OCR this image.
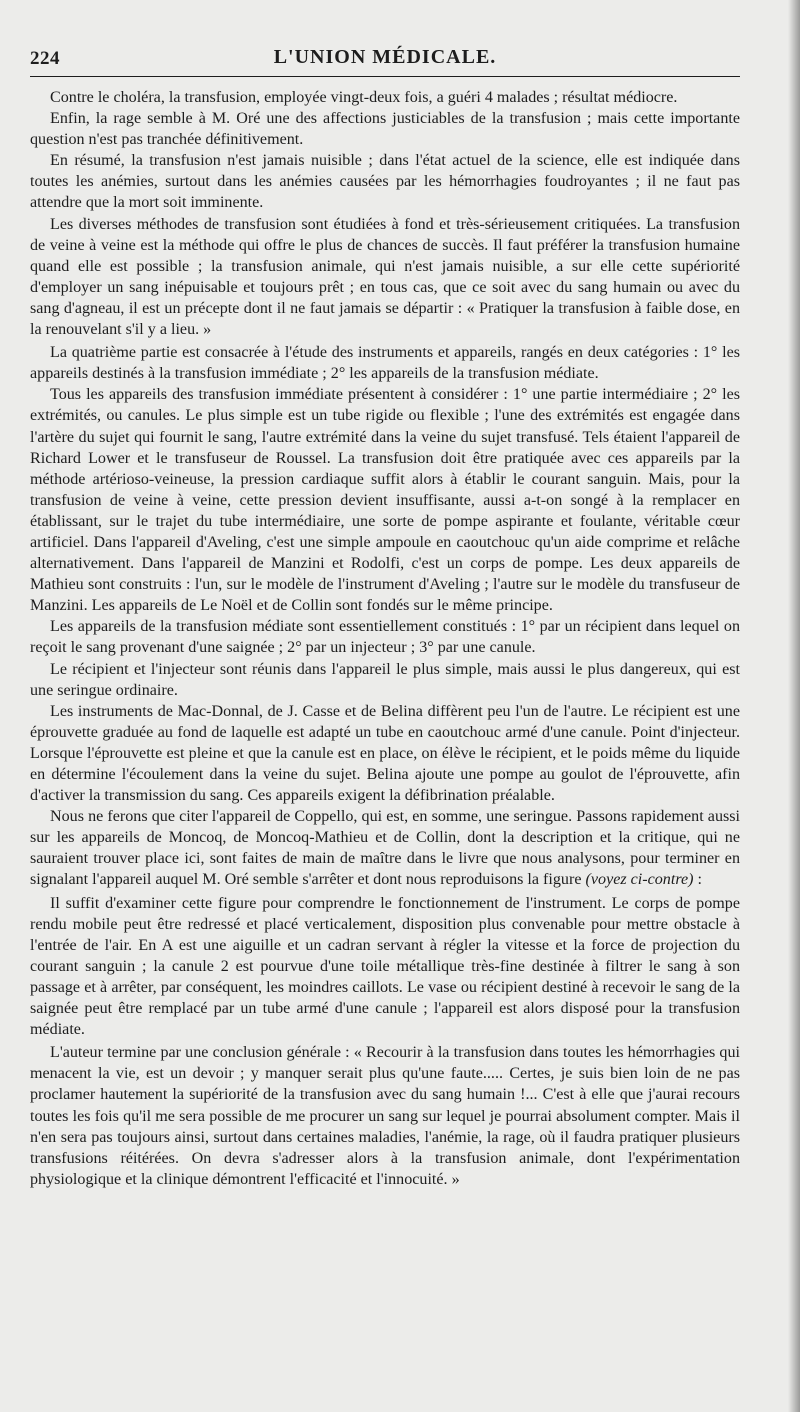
224	L'UNION MÉDICALE.

Contre le choléra, la transfusion, employée vingt-deux fois, a guéri 4 malades ; résultat médiocre.

Enfin, la rage semble à M. Oré une des affections justiciables de la transfusion ; mais cette importante question n'est pas tranchée définitivement.

En résumé, la transfusion n'est jamais nuisible ; dans l'état actuel de la science, elle est indiquée dans toutes les anémies, surtout dans les anémies causées par les hémorrhagies foudroyantes ; il ne faut pas attendre que la mort soit imminente.

Les diverses méthodes de transfusion sont étudiées à fond et très-sérieusement critiquées. La transfusion de veine à veine est la méthode qui offre le plus de chances de succès. Il faut préférer la transfusion humaine quand elle est possible ; la transfusion animale, qui n'est jamais nuisible, a sur elle cette supériorité d'employer un sang inépuisable et toujours prêt ; en tous cas, que ce soit avec du sang humain ou avec du sang d'agneau, il est un précepte dont il ne faut jamais se départir : « Pratiquer la transfusion à faible dose, en la renouvelant s'il y a lieu. »

La quatrième partie est consacrée à l'étude des instruments et appareils, rangés en deux catégories : 1° les appareils destinés à la transfusion immédiate ; 2° les appareils de la transfusion médiate.

Tous les appareils des transfusion immédiate présentent à considérer : 1° une partie intermédiaire ; 2° les extrémités, ou canules. Le plus simple est un tube rigide ou flexible ; l'une des extrémités est engagée dans l'artère du sujet qui fournit le sang, l'autre extrémité dans la veine du sujet transfusé. Tels étaient l'appareil de Richard Lower et le transfuseur de Roussel. La transfusion doit être pratiquée avec ces appareils par la méthode artérioso-veineuse, la pression cardiaque suffit alors à établir le courant sanguin. Mais, pour la transfusion de veine à veine, cette pression devient insuffisante, aussi a-t-on songé à la remplacer en établissant, sur le trajet du tube intermédiaire, une sorte de pompe aspirante et foulante, véritable cœur artificiel. Dans l'appareil d'Aveling, c'est une simple ampoule en caoutchouc qu'un aide comprime et relâche alternativement. Dans l'appareil de Manzini et Rodolfi, c'est un corps de pompe. Les deux appareils de Mathieu sont construits : l'un, sur le modèle de l'instrument d'Aveling ; l'autre sur le modèle du transfuseur de Manzini. Les appareils de Le Noël et de Collin sont fondés sur le même principe.

Les appareils de la transfusion médiate sont essentiellement constitués : 1° par un récipient dans lequel on reçoit le sang provenant d'une saignée ; 2° par un injecteur ; 3° par une canule.

Le récipient et l'injecteur sont réunis dans l'appareil le plus simple, mais aussi le plus dangereux, qui est une seringue ordinaire.

Les instruments de Mac-Donnal, de J. Casse et de Belina diffèrent peu l'un de l'autre. Le récipient est une éprouvette graduée au fond de laquelle est adapté un tube en caoutchouc armé d'une canule. Point d'injecteur. Lorsque l'éprouvette est pleine et que la canule est en place, on élève le récipient, et le poids même du liquide en détermine l'écoulement dans la veine du sujet. Belina ajoute une pompe au goulot de l'éprouvette, afin d'activer la transmission du sang. Ces appareils exigent la défibrination préalable.

Nous ne ferons que citer l'appareil de Coppello, qui est, en somme, une seringue. Passons rapidement aussi sur les appareils de Moncoq, de Moncoq-Mathieu et de Collin, dont la description et la critique, qui ne sauraient trouver place ici, sont faites de main de maître dans le livre que nous analysons, pour terminer en signalant l'appareil auquel M. Oré semble s'arrêter et dont nous reproduisons la figure (voyez ci-contre) :

Il suffit d'examiner cette figure pour comprendre le fonctionnement de l'instrument. Le corps de pompe rendu mobile peut être redressé et placé verticalement, disposition plus convenable pour mettre obstacle à l'entrée de l'air. En A est une aiguille et un cadran servant à régler la vitesse et la force de projection du courant sanguin ; la canule 2 est pourvue d'une toile métallique très-fine destinée à filtrer le sang à son passage et à arrêter, par conséquent, les moindres caillots. Le vase ou récipient destiné à recevoir le sang de la saignée peut être remplacé par un tube armé d'une canule ; l'appareil est alors disposé pour la transfusion médiate.

L'auteur termine par une conclusion générale : « Recourir à la transfusion dans toutes les hémorrhagies qui menacent la vie, est un devoir ; y manquer serait plus qu'une faute..... Certes, je suis bien loin de ne pas proclamer hautement la supériorité de la transfusion avec du sang humain !... C'est à elle que j'aurai recours toutes les fois qu'il me sera possible de me procurer un sang sur lequel je pourrai absolument compter. Mais il n'en sera pas toujours ainsi, surtout dans certaines maladies, l'anémie, la rage, où il faudra pratiquer plusieurs transfusions réitérées. On devra s'adresser alors à la transfusion animale, dont l'expérimentation physiologique et la clinique démontrent l'efficacité et l'innocuité. »
